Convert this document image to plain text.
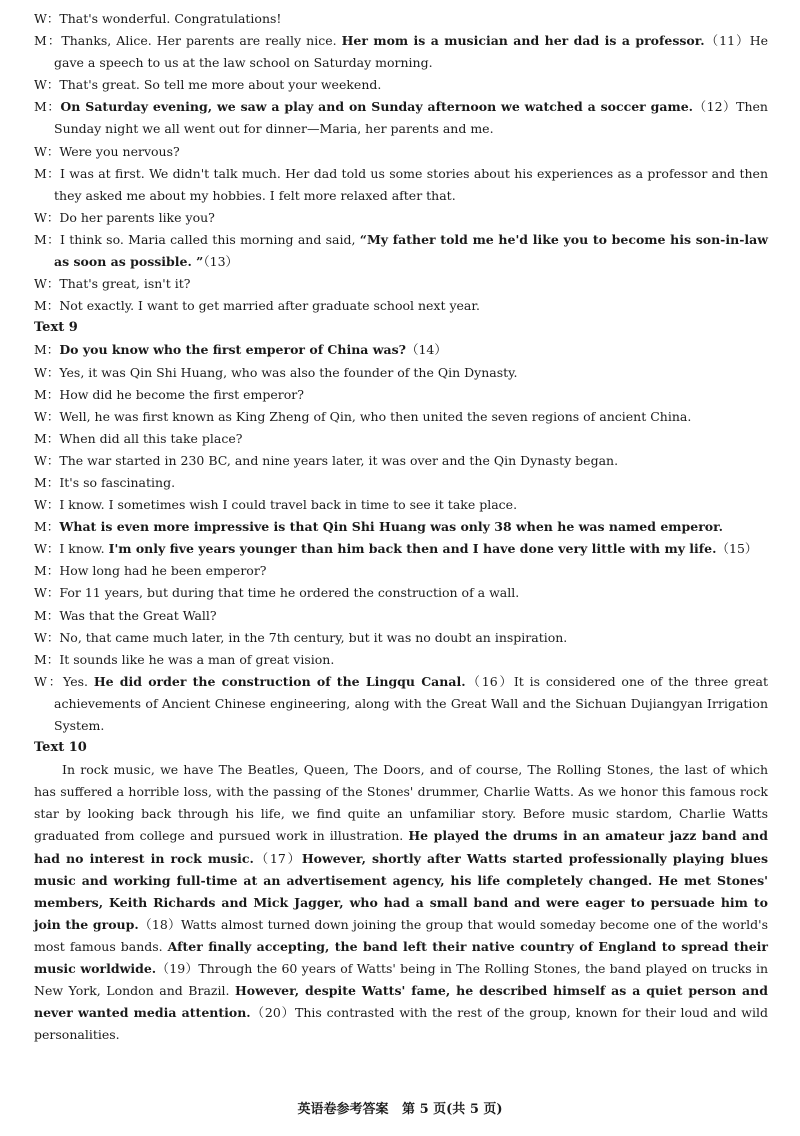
W：That's wonderful. Congratulations!

M：Thanks, Alice. Her parents are really nice. Her mom is a musician and her dad is a professor.（11）He gave a speech to us at the law school on Saturday morning.

W：That's great. So tell me more about your weekend.

M：On Saturday evening, we saw a play and on Sunday afternoon we watched a soccer game.（12）Then Sunday night we all went out for dinner—Maria, her parents and me.

W：Were you nervous?

M：I was at first. We didn't talk much. Her dad told us some stories about his experiences as a professor and then they asked me about my hobbies. I felt more relaxed after that.

W：Do her parents like you?

M：I think so. Maria called this morning and said, “My father told me he'd like you to become his son-in-law as soon as possible. ”（13）

W：That's great, isn't it?

M：Not exactly. I want to get married after graduate school next year.

Text 9

M：Do you know who the first emperor of China was?（14）

W：Yes, it was Qin Shi Huang, who was also the founder of the Qin Dynasty.

M：How did he become the first emperor?

W：Well, he was first known as King Zheng of Qin, who then united the seven regions of ancient China.

M：When did all this take place?

W：The war started in 230 BC, and nine years later, it was over and the Qin Dynasty began.

M：It's so fascinating.

W：I know. I sometimes wish I could travel back in time to see it take place.

M：What is even more impressive is that Qin Shi Huang was only 38 when he was named emperor.

W：I know. I'm only five years younger than him back then and I have done very little with my life.（15）

M：How long had he been emperor?

W：For 11 years, but during that time he ordered the construction of a wall.

M：Was that the Great Wall?

W：No, that came much later, in the 7th century, but it was no doubt an inspiration.

M：It sounds like he was a man of great vision.

W：Yes. He did order the construction of the Lingqu Canal.（16）It is considered one of the three great achievements of Ancient Chinese engineering, along with the Great Wall and the Sichuan Dujiangyan Irrigation System.

Text 10

In rock music, we have The Beatles, Queen, The Doors, and of course, The Rolling Stones, the last of which has suffered a horrible loss, with the passing of the Stones' drummer, Charlie Watts. As we honor this famous rock star by looking back through his life, we find quite an unfamiliar story. Before music stardom, Charlie Watts graduated from college and pursued work in illustration. He played the drums in an amateur jazz band and had no interest in rock music.（17）However, shortly after Watts started professionally playing blues music and working full-time at an advertisement agency, his life completely changed. He met Stones' members, Keith Richards and Mick Jagger, who had a small band and were eager to persuade him to join the group.（18）Watts almost turned down joining the group that would someday become one of the world's most famous bands. After finally accepting, the band left their native country of England to spread their music worldwide.（19）Through the 60 years of Watts' being in The Rolling Stones, the band played on trucks in New York, London and Brazil. However, despite Watts' fame, he described himself as a quiet person and never wanted media attention.（20）This contrasted with the rest of the group, known for their loud and wild personalities.

英语卷参考答案 第 5 页(共 5 页)
